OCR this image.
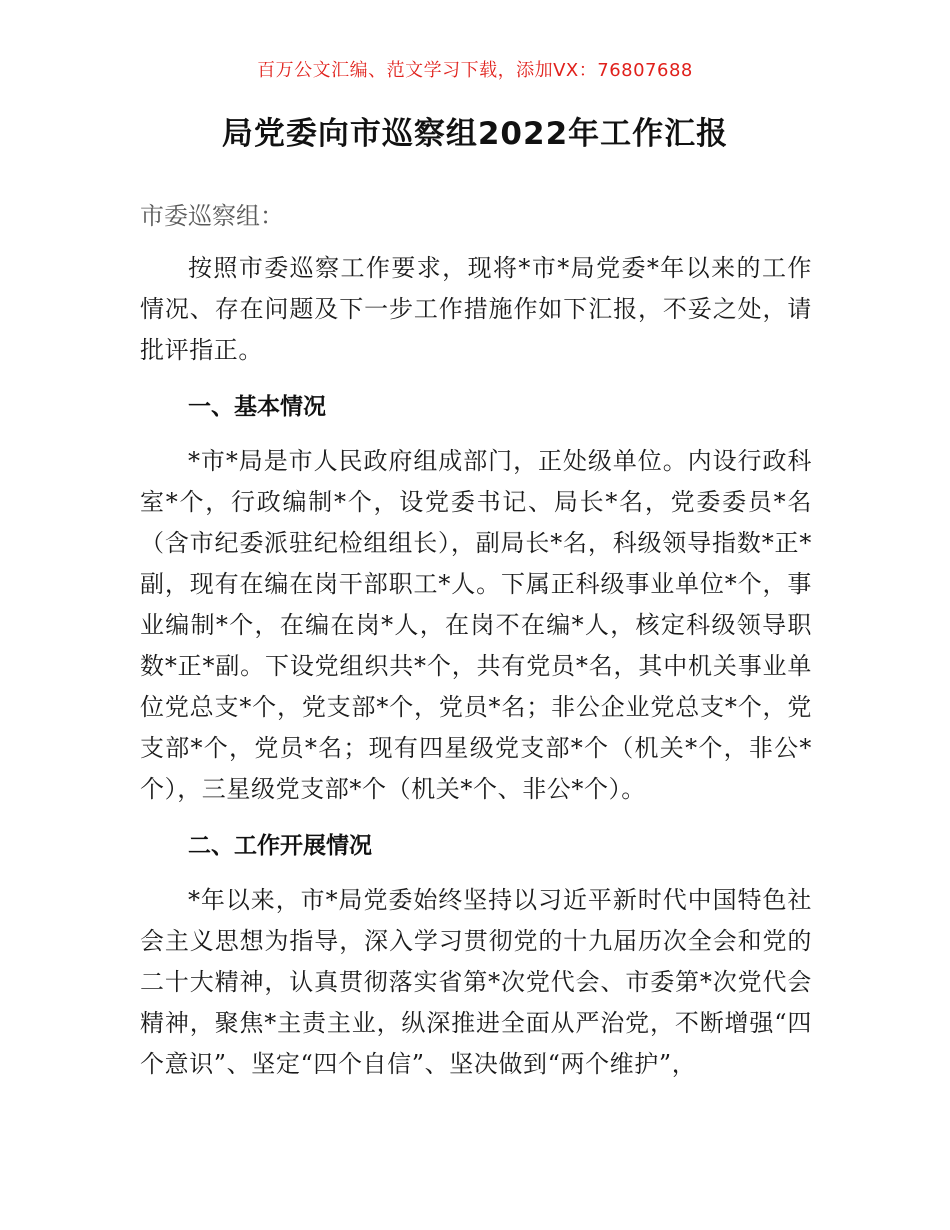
百万公文汇编、范文学习下载，添加VX：76807688
局党委向市巡察组2022年工作汇报

市委巡察组：

按照市委巡察工作要求，现将*市*局党委*年以来的工作情况、存在问题及下一步工作措施作如下汇报，不妥之处，请批评指正。

一、基本情况

*市*局是市人民政府组成部门，正处级单位。内设行政科室*个，行政编制*个，设党委书记、局长*名，党委委员*名（含市纪委派驻纪检组组长），副局长*名，科级领导指数*正*副，现有在编在岗干部职工*人。下属正科级事业单位*个，事业编制*个，在编在岗*人，在岗不在编*人，核定科级领导职数*正*副。下设党组织共*个，共有党员*名，其中机关事业单位党总支*个，党支部*个，党员*名；非公企业党总支*个，党支部*个，党员*名；现有四星级党支部*个（机关*个，非公*个），三星级党支部*个（机关*个、非公*个）。

二、工作开展情况

*年以来，市*局党委始终坚持以习近平新时代中国特色社会主义思想为指导，深入学习贯彻党的十九届历次全会和党的二十大精神，认真贯彻落实省第*次党代会、市委第*次党代会精神，聚焦*主责主业，纵深推进全面从严治党，不断增强“四个意识”、坚定“四个自信”、坚决做到“两个维护”，
